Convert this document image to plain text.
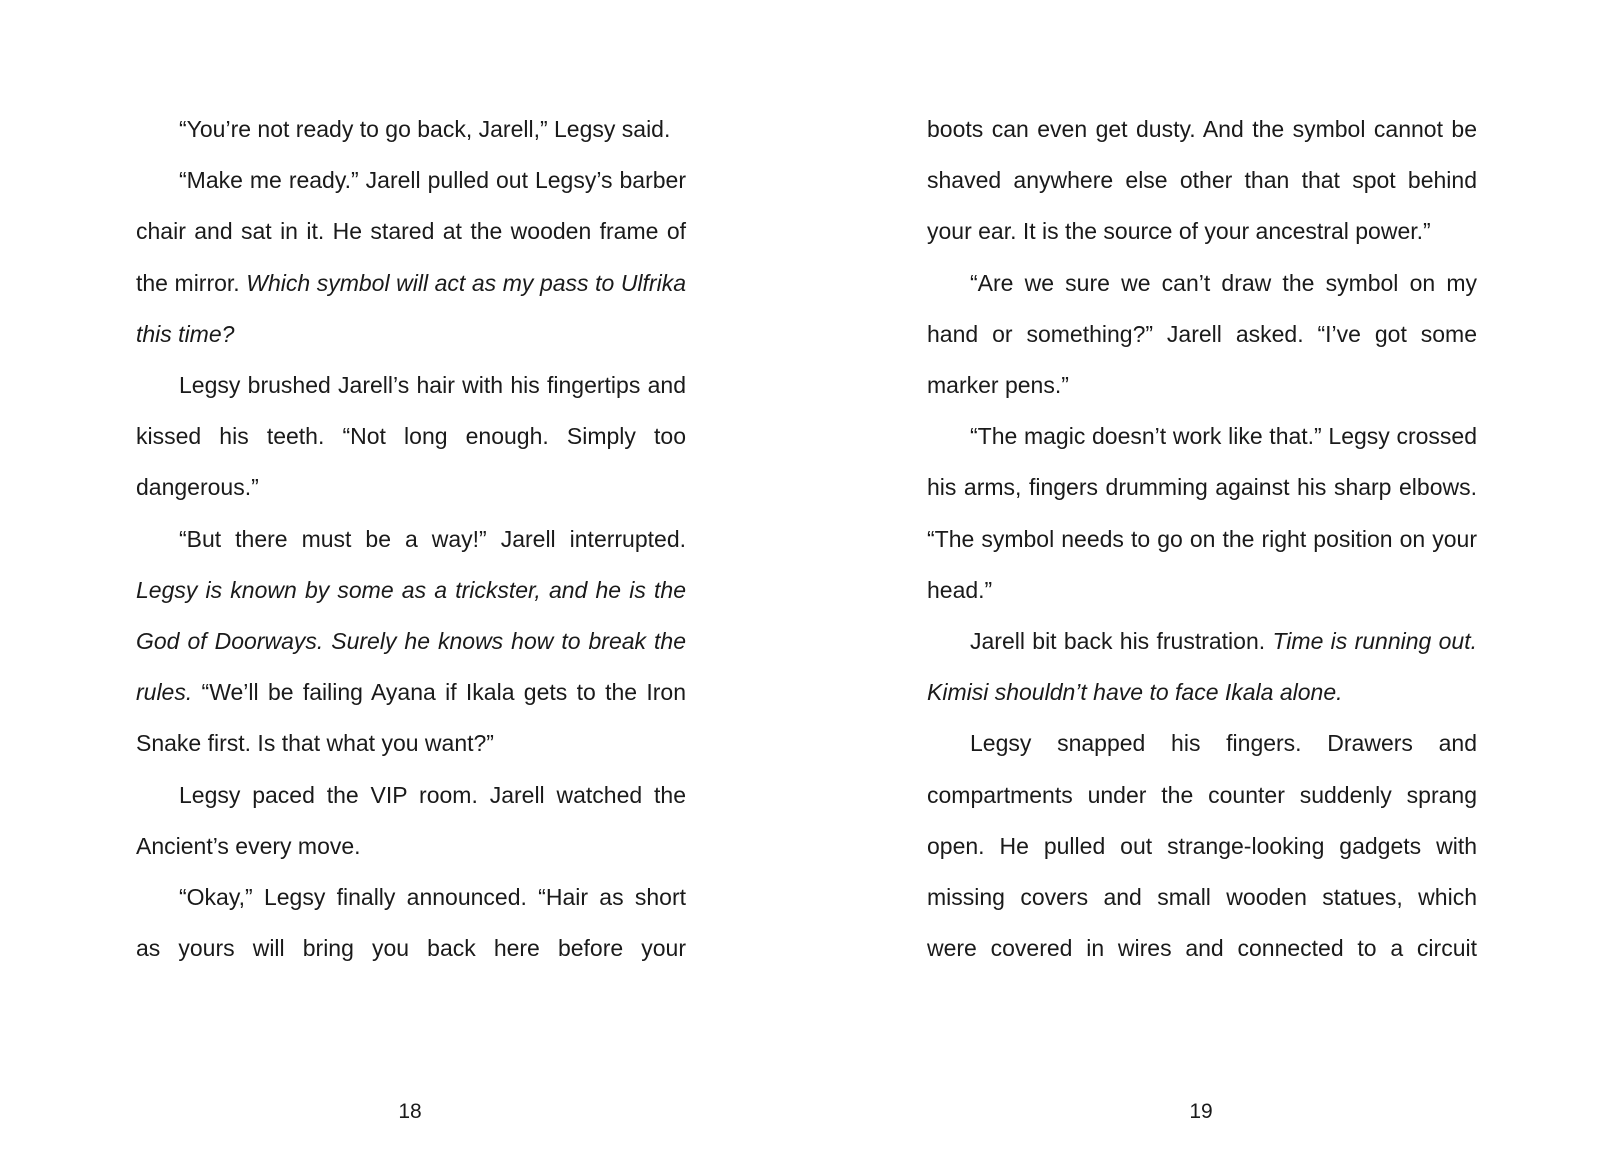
“You’re not ready to go back, Jarell,” Legsy said.

“Make me ready.” Jarell pulled out Legsy’s barber chair and sat in it. He stared at the wooden frame of the mirror. Which symbol will act as my pass to Ulfrika this time?

Legsy brushed Jarell’s hair with his fingertips and kissed his teeth. “Not long enough. Simply too dangerous.”

“But there must be a way!” Jarell interrupted. Legsy is known by some as a trickster, and he is the God of Doorways. Surely he knows how to break the rules. “We’ll be failing Ayana if Ikala gets to the Iron Snake first. Is that what you want?”

Legsy paced the VIP room. Jarell watched the Ancient’s every move.

“Okay,” Legsy finally announced. “Hair as short as yours will bring you back here before your

boots can even get dusty. And the symbol cannot be shaved anywhere else other than that spot behind your ear. It is the source of your ancestral power.”

“Are we sure we can’t draw the symbol on my hand or something?” Jarell asked. “I’ve got some marker pens.”

“The magic doesn’t work like that.” Legsy crossed his arms, fingers drumming against his sharp elbows. “The symbol needs to go on the right position on your head.”

Jarell bit back his frustration. Time is running out. Kimisi shouldn’t have to face Ikala alone.

Legsy snapped his fingers. Drawers and compartments under the counter suddenly sprang open. He pulled out strange-looking gadgets with missing covers and small wooden statues, which were covered in wires and connected to a circuit

18	19
